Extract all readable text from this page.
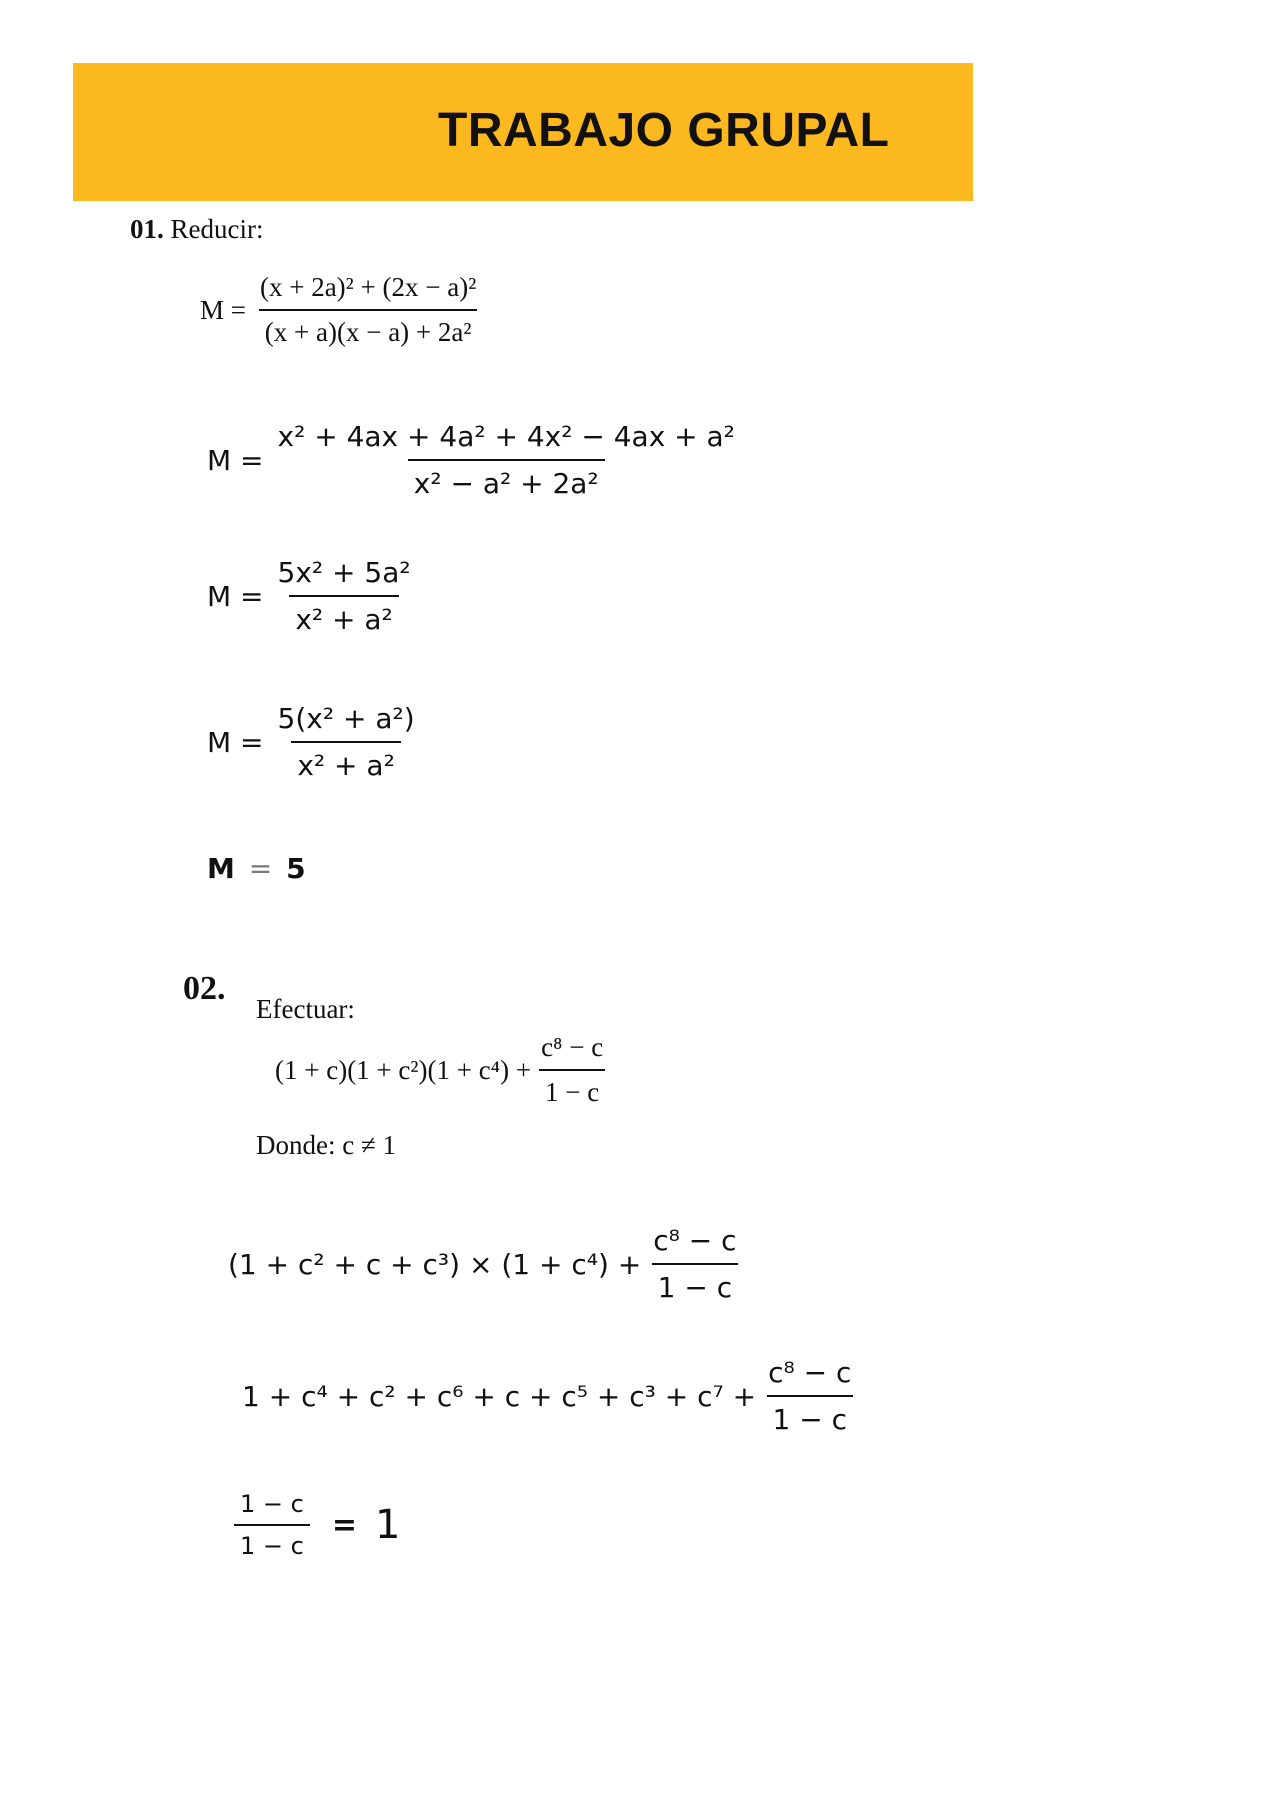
TRABAJO GRUPAL
01. Reducir:
$M = \frac{\text{(x + 2a)² + (2x − a)²}}{\text{(x + a)(x − a) + 2a²}}$
$M = \frac{\text{x² + 4ax + 4a² + 4x² − 4ax + a²}}{\text{x² − a² + 2a²}}$
$M = \frac{\text{5x² + 5a²}}{\text{x² + a²}}$
$M = \frac{\text{5(x² + a²)}}{\text{x² + a²}}$
M = 5
02.
Efectuar:
$(1 + c)(1 + c^2)(1 + c^4) + \frac{\text{c⁸ − c}}{1 - c}$
Donde: c ≠ 1
$(1 + c^2 + c + c^3) \times (1 + c^4) + \frac{\text{c⁸ − c}}{1 - c}$
$1 + c^4 + c^2 + c^6 + c + c^5 + c^3 + c^7 + \frac{\text{c⁸ − c}}{1 - c}$
$\frac{1 - c}{1 - c} = 1$
